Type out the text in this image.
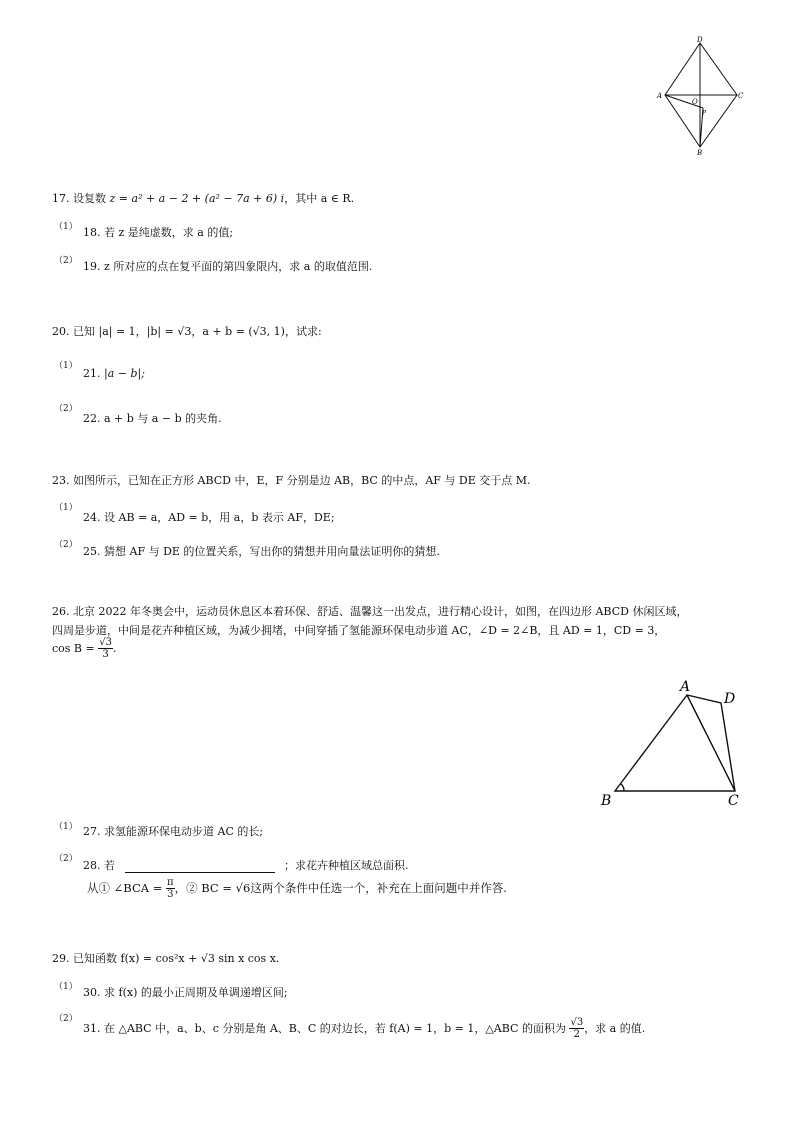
D
A
O
C
P
B
17. 设复数 z = a² + a − 2 + (a² − 7a + 6) i，其中 a ∈ R.
（1） 18. 若 z 是纯虚数，求 a 的值;
（2） 19. z 所对应的点在复平面的第四象限内，求 a 的取值范围.
20. 已知 |a| = 1，|b| = √3，a + b = (√3, 1)，试求:
（1）
21. |a − b|;
（2）
22. a + b 与 a − b 的夹角.
23. 如图所示，已知在正方形 ABCD 中，E，F 分别是边 AB，BC 的中点，AF 与 DE 交于点 M.
（1）
24. 设 AB = a，AD = b，用 a，b 表示 AF，DE;
（2） 25. 猜想 AF 与 DE 的位置关系，写出你的猜想并用向量法证明你的猜想.
26. 北京 2022 年冬奥会中，运动员休息区本着环保、舒适、温馨这一出发点，进行精心设计，如图，在四边形 ABCD 休闲区域，
四周是步道，中间是花卉种植区域，为减少拥堵，中间穿插了氢能源环保电动步道 AC，∠D = 2∠B，且 AD = 1，CD = 3，
$\cos B = \frac{√3}{3}$ .
A
D
B	C
（1） 27. 求氢能源环保电动步道 AC 的长;
（2） 28. 若	；求花卉种植区域总面积.
从① ∠BCA = $\frac{\pi}{3}$ ，② BC = √6这两个条件中任选一个，补充在上面问题中并作答.
29. 已知函数 f(x) = cos²x + √3 sin x cos x.
（1） 30. 求 f(x) 的最小正周期及单调递增区间;
（2）
31. 在 △ABC 中，a、b、c 分别是角 A、B、C 的对边长，若 f(A) = 1，b = 1，△ABC 的面积为 $\frac{√3}{2}$ ，求 a 的值.
